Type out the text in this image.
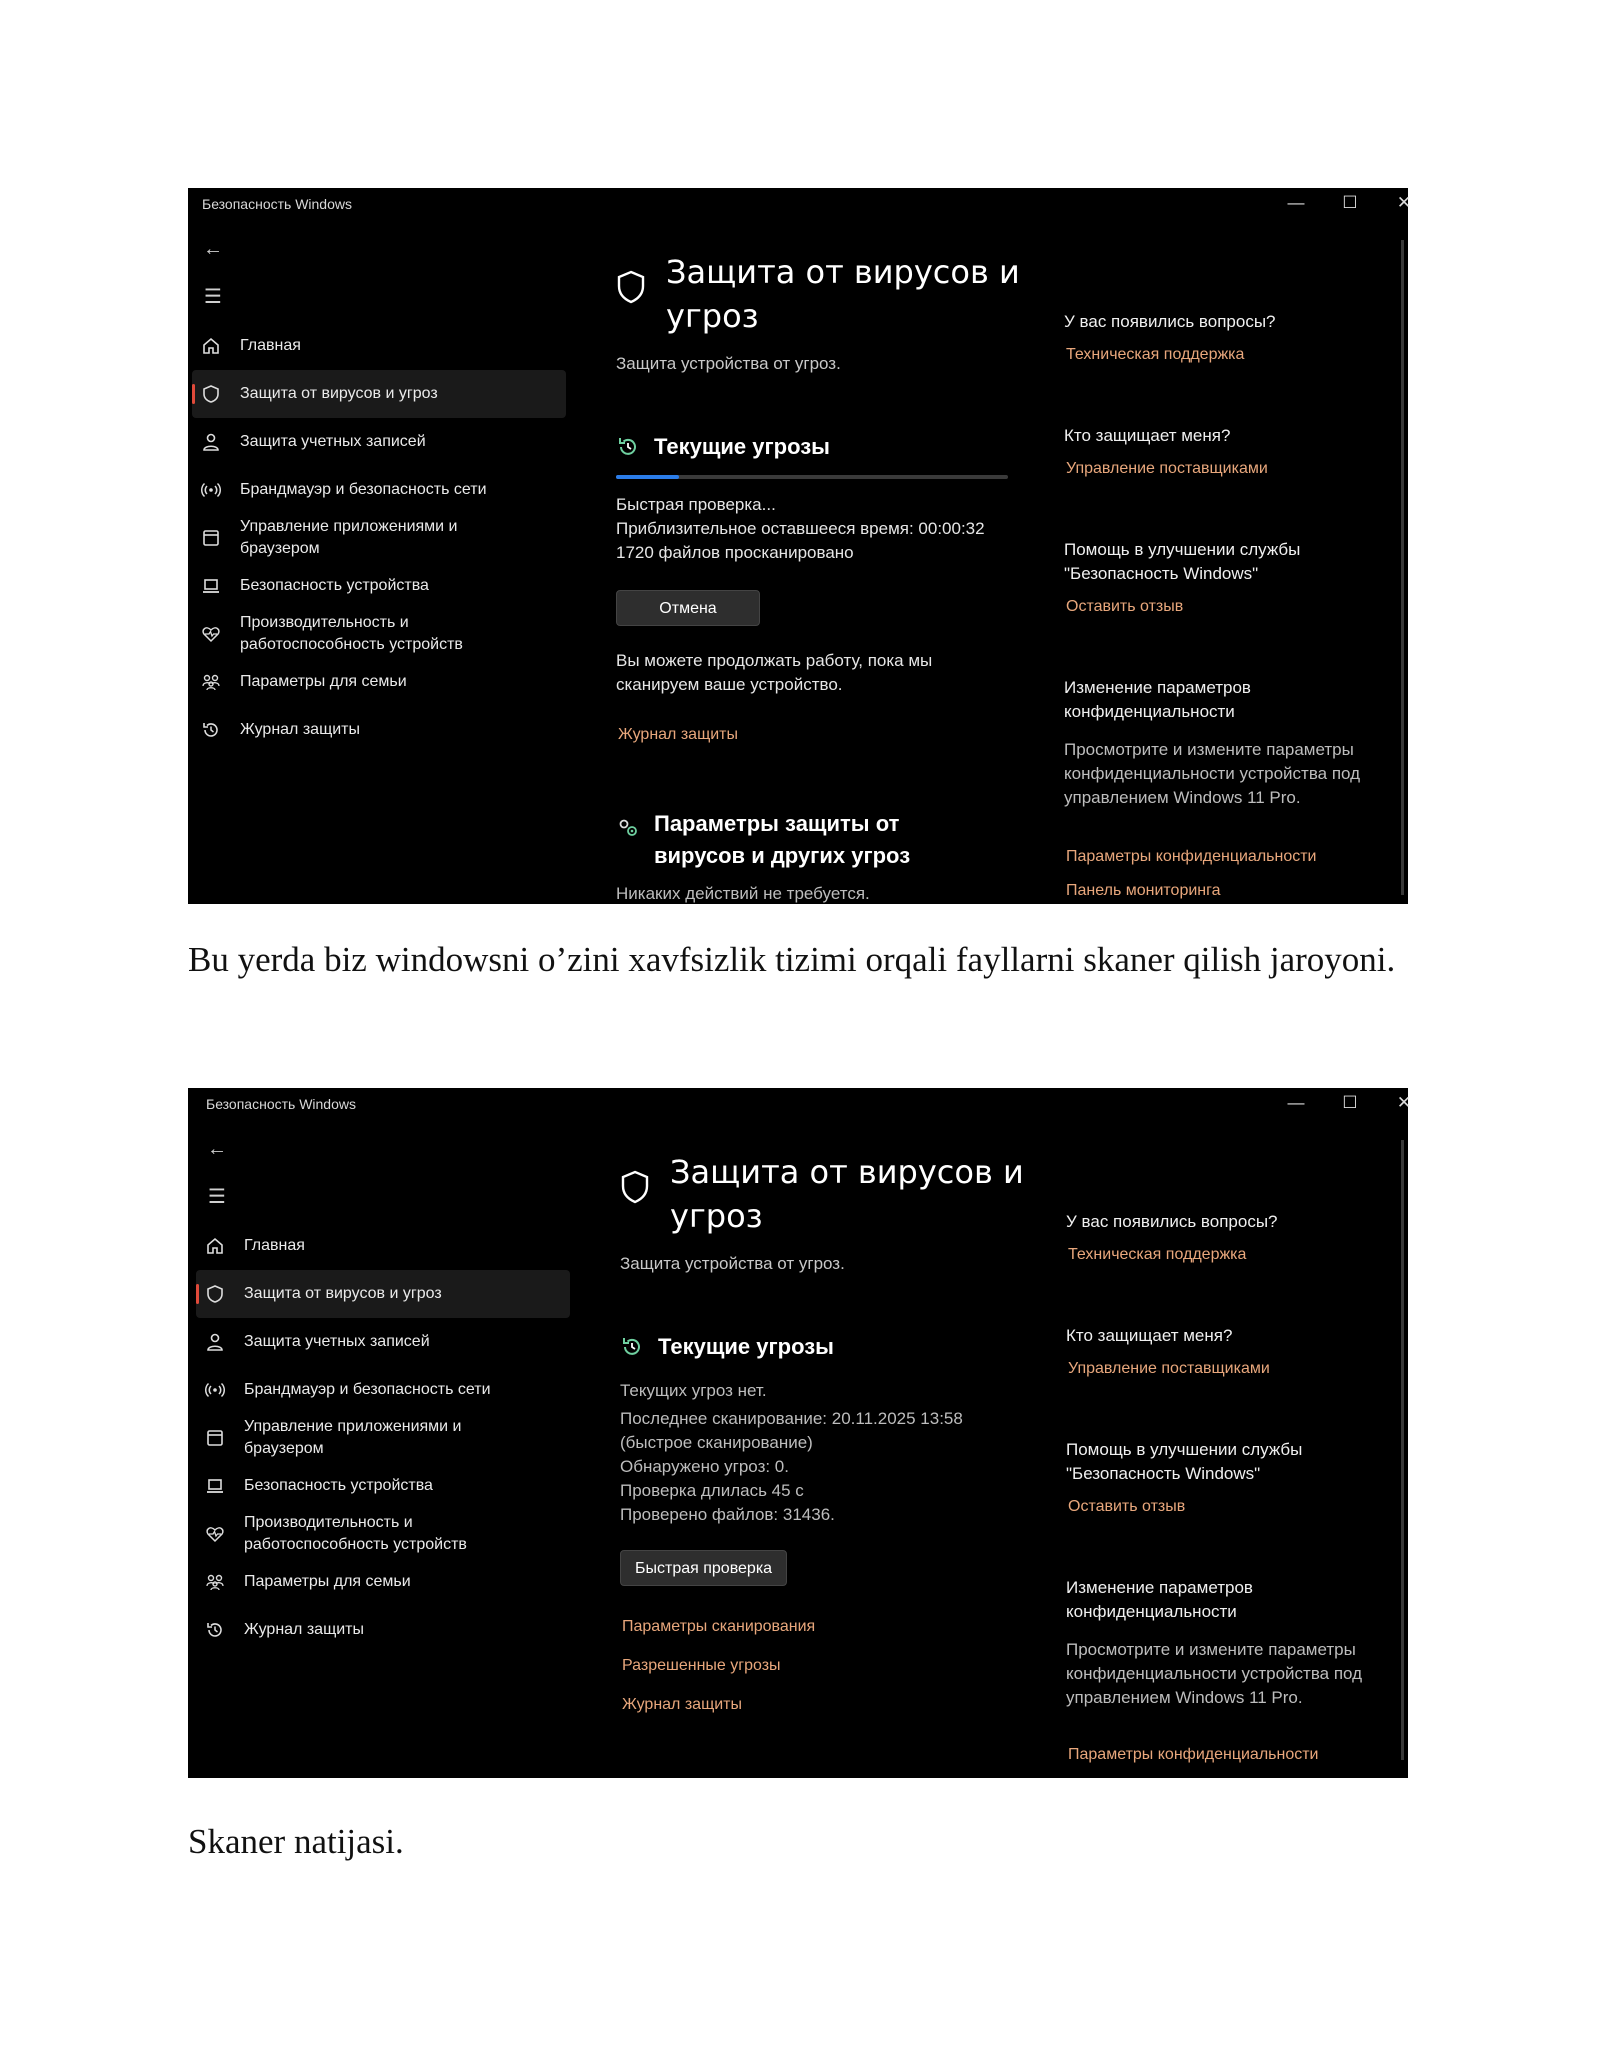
Безопасность Windows	—	☐	✕
←
☰
Главная
Защита от вирусов и угроз
Защита учетных записей
Брандмауэр и безопасность сети
Управление приложениями и браузером
Безопасность устройства
Производительность и работоспособность устройств
Параметры для семьи
Журнал защиты
Защита от вирусов и угроз
Защита устройства от угроз.
Текущие угрозы
Быстрая проверка...
Приблизительное оставшееся время: 00:00:32
1720 файлов просканировано
Отмена
Вы можете продолжать работу, пока мы сканируем ваше устройство.
Журнал защиты
Параметры защиты от вирусов и других угроз
Никаких действий не требуется.
У вас появились вопросы?
Техническая поддержка
Кто защищает меня?
Управление поставщиками
Помощь в улучшении службы "Безопасность Windows"
Оставить отзыв
Изменение параметров конфиденциальности
Просмотрите и измените параметры конфиденциальности устройства под управлением Windows 11 Pro.
Параметры конфиденциальности
Панель мониторинга

Bu yerda biz windowsni o’zini xavfsizlik tizimi orqali fayllarni skaner qilish jaroyoni.

Безопасность Windows	—	☐	✕
←
☰
Главная
Защита от вирусов и угроз
Защита учетных записей
Брандмауэр и безопасность сети
Управление приложениями и браузером
Безопасность устройства
Производительность и работоспособность устройств
Параметры для семьи
Журнал защиты
Защита от вирусов и угроз
Защита устройства от угроз.
Текущие угрозы
Текущих угроз нет.
Последнее сканирование: 20.11.2025 13:58
(быстрое сканирование)
Обнаружено угроз: 0.
Проверка длилась 45 с
Проверено файлов: 31436.
Быстрая проверка
Параметры сканирования
Разрешенные угрозы
Журнал защиты
У вас появились вопросы?
Техническая поддержка
Кто защищает меня?
Управление поставщиками
Помощь в улучшении службы "Безопасность Windows"
Оставить отзыв
Изменение параметров конфиденциальности
Просмотрите и измените параметры конфиденциальности устройства под управлением Windows 11 Pro.
Параметры конфиденциальности

Skaner natijasi.
